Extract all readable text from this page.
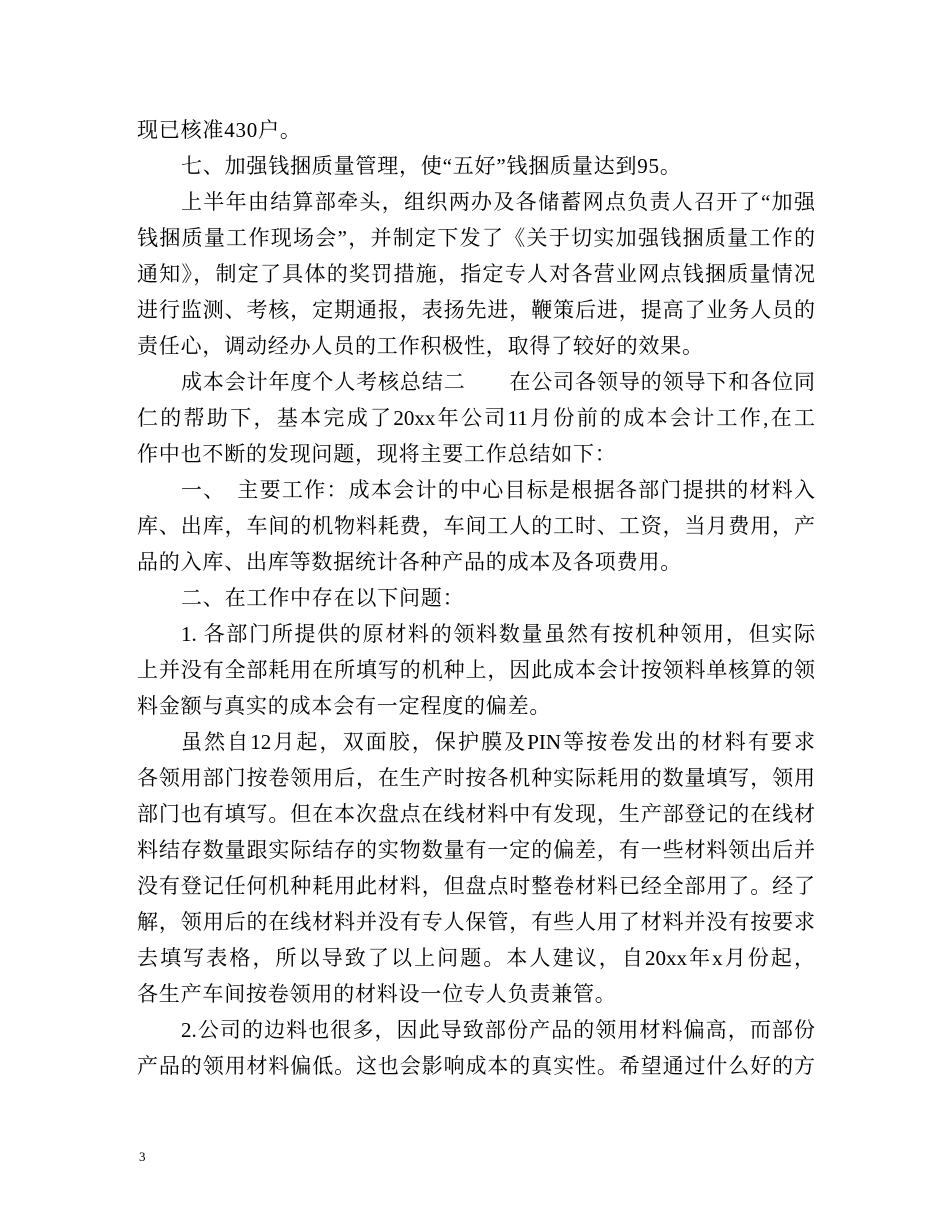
现已核准430户。
七、加强钱捆质量管理，使“五好”钱捆质量达到95。
上半年由结算部牵头，组织两办及各储蓄网点负责人召开了“加强
钱捆质量工作现场会”，并制定下发了《关于切实加强钱捆质量工作的
通知》，制定了具体的奖罚措施，指定专人对各营业网点钱捆质量情况
进行监测、考核，定期通报，表扬先进，鞭策后进，提高了业务人员的
责任心，调动经办人员的工作积极性，取得了较好的效果。
成本会计年度个人考核总结二　　在公司各领导的领导下和各位同
仁的帮助下，基本完成了20xx年公司11月份前的成本会计工作,在工
作中也不断的发现问题，现将主要工作总结如下：
一、　主要工作：成本会计的中心目标是根据各部门提拱的材料入
库、出库，车间的机物料耗费，车间工人的工时、工资，当月费用，产
品的入库、出库等数据统计各种产品的成本及各项费用。
二、在工作中存在以下问题：
1. 各部门所提供的原材料的领料数量虽然有按机种领用，但实际
上并没有全部耗用在所填写的机种上，因此成本会计按领料单核算的领
料金额与真实的成本会有一定程度的偏差。
虽然自12月起，双面胶，保护膜及PIN等按卷发出的材料有要求
各领用部门按卷领用后，在生产时按各机种实际耗用的数量填写，领用
部门也有填写。但在本次盘点在线材料中有发现，生产部登记的在线材
料结存数量跟实际结存的实物数量有一定的偏差，有一些材料领出后并
没有登记任何机种耗用此材料，但盘点时整卷材料已经全部用了。经了
解，领用后的在线材料并没有专人保管，有些人用了材料并没有按要求
去填写表格，所以导致了以上问题。本人建议，自20xx年x月份起，
各生产车间按卷领用的材料设一位专人负责兼管。
2.公司的边料也很多，因此导致部份产品的领用材料偏高，而部份
产品的领用材料偏低。这也会影响成本的真实性。希望通过什么好的方
3
